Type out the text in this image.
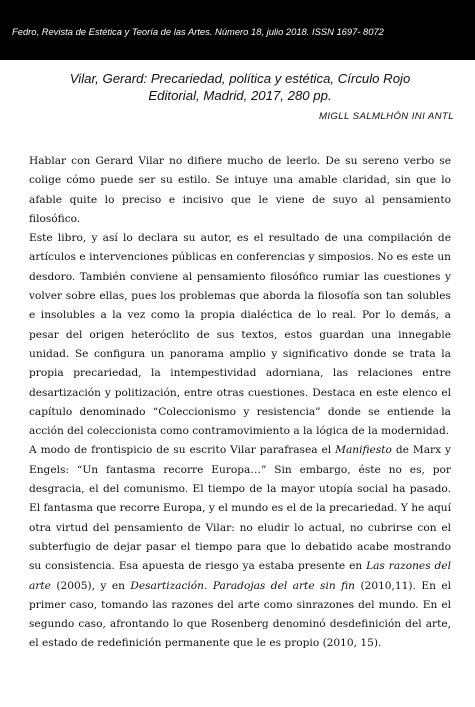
Fedro, Revista de Estética y Teoría de las Artes. Número 18, julio 2018. ISSN 1697- 8072
Vilar, Gerard: Precariedad, política y estética, Círculo Rojo
Editorial, Madrid, 2017, 280 pp.
MIGLL SALMLHÓN INI ANTL

Hablar con Gerard Vilar no difiere mucho de leerlo. De su sereno verbo se colige cómo puede ser su estilo. Se intuye una amable claridad, sin que lo afable quite lo preciso e incisivo que le viene de suyo al pensamiento filosófico.

Este libro, y así lo declara su autor, es el resultado de una compilación de artículos e intervenciones públicas en conferencias y simposios. No es este un desdoro. También conviene al pensamiento filosófico rumiar las cuestiones y volver sobre ellas, pues los problemas que aborda la filosofía son tan solubles e insolubles a la vez como la propia dialéctica de lo real. Por lo demás, a pesar del origen heteróclito de sus textos, estos guardan una innegable unidad. Se configura un panorama amplio y significativo donde se trata la propia precariedad, la intempestividad adorniana, las relaciones entre desartización y politización, entre otras cuestiones. Destaca en este elenco el capítulo denominado “Coleccionismo y resistencia” donde se entiende la acción del coleccionista como contramovimiento a la lógica de la modernidad.

A modo de frontispicio de su escrito Vilar parafrasea el Manifiesto de Marx y Engels: “Un fantasma recorre Europa…” Sin embargo, éste no es, por desgracia, el del comunismo. El tiempo de la mayor utopía social ha pasado. El fantasma que recorre Europa, y el mundo es el de la precariedad. Y he aquí otra virtud del pensamiento de Vilar: no eludir lo actual, no cubrirse con el subterfugio de dejar pasar el tiempo para que lo debatido acabe mostrando su consistencia. Esa apuesta de riesgo ya estaba presente en Las razones del arte (2005), y en Desartización. Paradojas del arte sin fin (2010,11). En el primer caso, tomando las razones del arte como sinrazones del mundo. En el segundo caso, afrontando lo que Rosenberg denominó desdefinición del arte, el estado de redefinición permanente que le es propio (2010, 15).
